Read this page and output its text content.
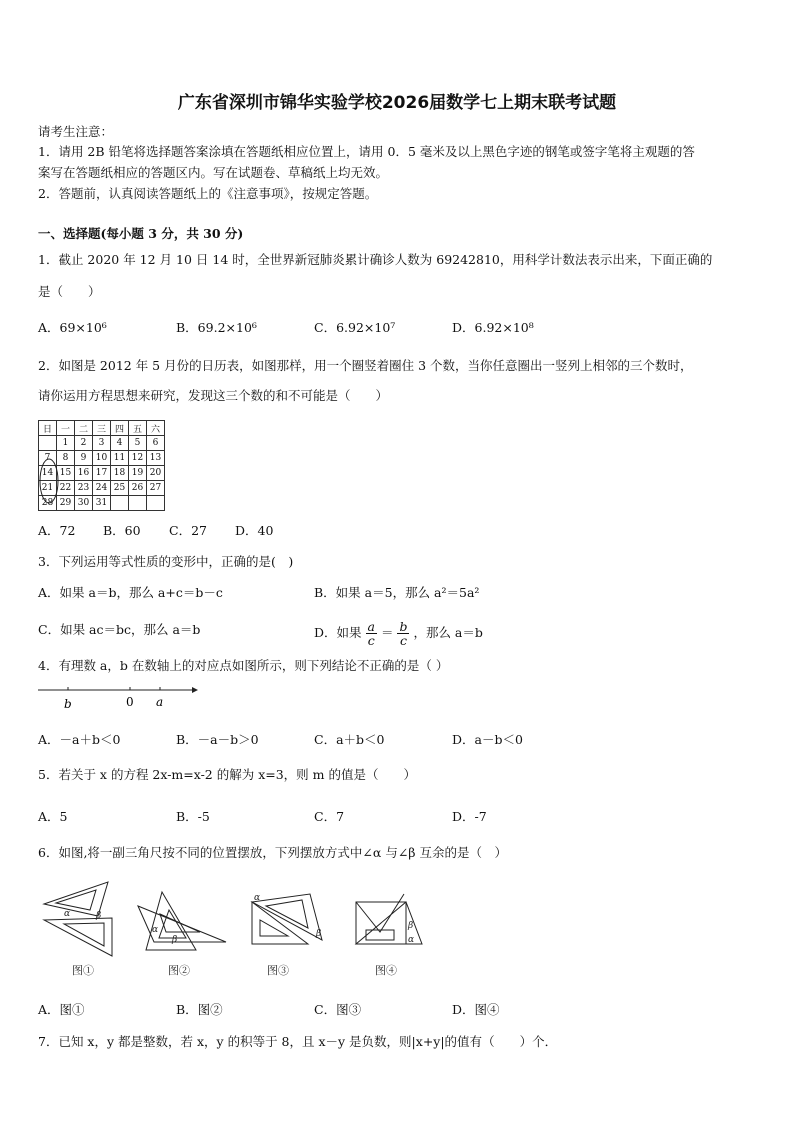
广东省深圳市锦华实验学校2026届数学七上期末联考试题
请考生注意：
1．请用 2B 铅笔将选择题答案涂填在答题纸相应位置上，请用 0．5 毫米及以上黑色字迹的钢笔或签字笔将主观题的答
案写在答题纸相应的答题区内。写在试题卷、草稿纸上均无效。
2．答题前，认真阅读答题纸上的《注意事项》，按规定答题。
一、选择题(每小题 3 分，共 30 分)
1．截止 2020 年 12 月 10 日 14 时，全世界新冠肺炎累计确诊人数为 69242810，用科学计数法表示出来，下面正确的
是（　　）
A．69×10⁶	B．69.2×10⁶	C．6.92×10⁷	D．6.92×10⁸
2．如图是 2012 年 5 月份的日历表，如图那样，用一个圈竖着圈住 3 个数，当你任意圈出一竖列上相邻的三个数时，
请你运用方程思想来研究，发现这三个数的和不可能是（　　）
日	一	二	三	四	五	六
	1	2	3	4	5	6
7	8	9	10	11	12	13
14	15	16	17	18	19	20
21	22	23	24	25	26	27
28	29	30	31			
A．72 B．60 C．27 D．40
3．下列运用等式性质的变形中，正确的是(　)
A．如果 a＝b，那么 a+c＝b－c	B．如果 a＝5，那么 a²＝5a²
C．如果 ac＝bc，那么 a＝b	D．如果 $\frac{a}{c} = \frac{b}{c}$ ，那么 a＝b
4．有理数 a，b 在数轴上的对应点如图所示，则下列结论不正确的是（ ）
b	0 a
A．－a＋b＜0	B．－a－b＞0	C．a＋b＜0	D．a－b＜0
5．若关于 x 的方程 2x-m=x-2 的解为 x=3，则 m 的值是（　　）
A．5	B．-5	C．7	D．-7
6．如图,将一副三角尺按不同的位置摆放，下列摆放方式中∠α 与∠β 互余的是（　）
α	β
α
β
α
β
β
α
图①	图②	图③	图④
A．图①	B．图②	C．图③	D．图④
7．已知 x，y 都是整数，若 x，y 的积等于 8，且 x－y 是负数，则|x+y|的值有（　　）个．
